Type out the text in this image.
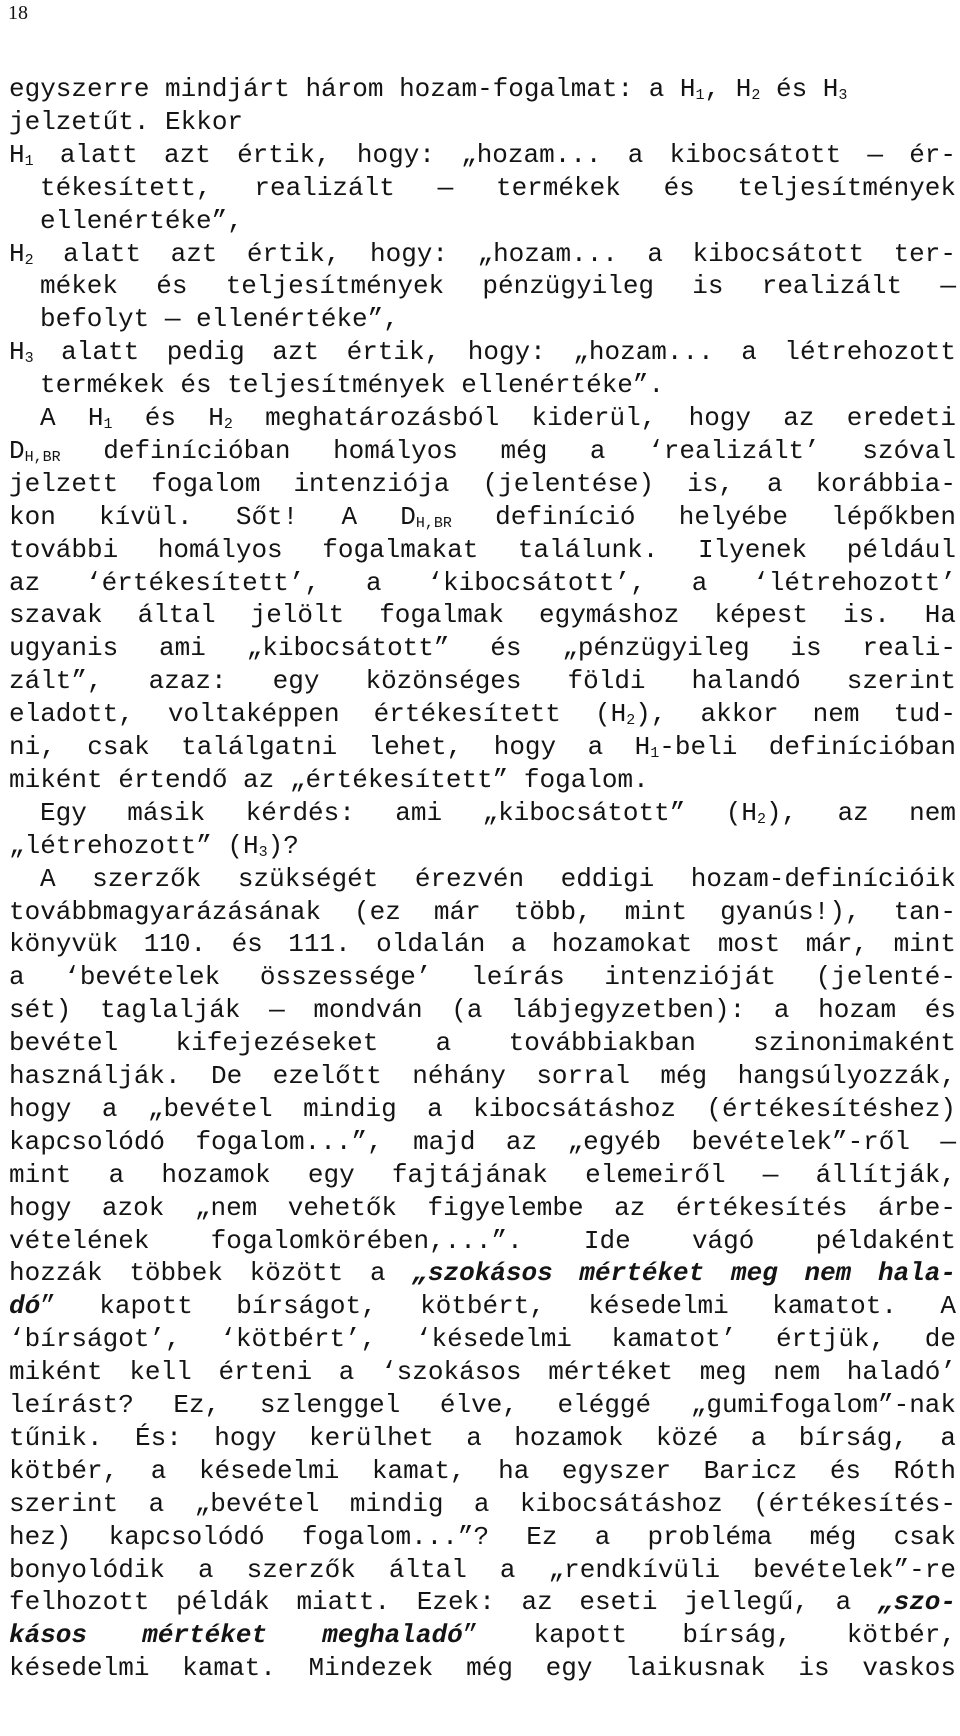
18
egyszerre mindjárt három hozam-fogalmat: a $H_1$, $H_2$ és $H_3$
jelzetűt. Ekkor
$H_1$ alatt azt értik, hogy: „hozam... a kibocsátott — ér-
tékesített, realizált — termékek és teljesítmények
ellenértéke”,
$H_2$ alatt azt értik, hogy: „hozam... a kibocsátott ter-
mékek és teljesítmények pénzügyileg is realizált —
befolyt — ellenértéke”,
$H_3$ alatt pedig azt értik, hogy: „hozam... a létrehozott
termékek és teljesítmények ellenértéke”.
A $H_1$ és $H_2$ meghatározásból kiderül, hogy az eredeti
$D_{H,BR}$ definícióban homályos még a ‘realizált’ szóval
jelzett fogalom intenziója (jelentése) is, a korábbia-
kon kívül. Sőt! A $D_{H,BR}$ definíció helyébe lépőkben
további homályos fogalmakat találunk. Ilyenek például
az ‘értékesített’, a ‘kibocsátott’, a ‘létrehozott’
szavak által jelölt fogalmak egymáshoz képest is. Ha
ugyanis ami „kibocsátott” és „pénzügyileg is reali-
zált”, azaz: egy közönséges földi halandó szerint
eladott, voltaképpen értékesített $(H_2)$, akkor nem tud-
ni, csak találgatni lehet, hogy a $H_1$-beli definícióban
miként értendő az „értékesített” fogalom.
Egy másik kérdés: ami „kibocsátott” $(H_2)$, az nem
„létrehozott” $(H_3)$?
A szerzők szükségét érezvén eddigi hozam-definícióik
továbbmagyarázásának (ez már több, mint gyanús!), tan-
könyvük 110. és 111. oldalán a hozamokat most már, mint
a ‘bevételek összessége’ leírás intenzióját (jelenté-
sét) taglalják — mondván (a lábjegyzetben): a hozam és
bevétel kifejezéseket a továbbiakban szinonimaként
használják. De ezelőtt néhány sorral még hangsúlyozzák,
hogy a „bevétel mindig a kibocsátáshoz (értékesítéshez)
kapcsolódó fogalom...”, majd az „egyéb bevételek”-ről —
mint a hozamok egy fajtájának elemeiről — állítják,
hogy azok „nem vehetők figyelembe az értékesítés árbe-
vételének fogalomkörében,...”. Ide vágó példaként
hozzák többek között a „szokásos mértéket meg nem hala-
dó” kapott bírságot, kötbért, késedelmi kamatot. A
‘bírságot’, ‘kötbért’, ‘késedelmi kamatot’ értjük, de
miként kell érteni a ‘szokásos mértéket meg nem haladó’
leírást? Ez, szlenggel élve, eléggé „gumifogalom”-nak
tűnik. És: hogy kerülhet a hozamok közé a bírság, a
kötbér, a késedelmi kamat, ha egyszer Baricz és Róth
szerint a „bevétel mindig a kibocsátáshoz (értékesítés-
hez) kapcsolódó fogalom...”? Ez a probléma még csak
bonyolódik a szerzők által a „rendkívüli bevételek”-re
felhozott példák miatt. Ezek: az eseti jellegű, a „szo-
kásos mértéket meghaladó” kapott bírság, kötbér,
késedelmi kamat. Mindezek még egy laikusnak is vaskos
